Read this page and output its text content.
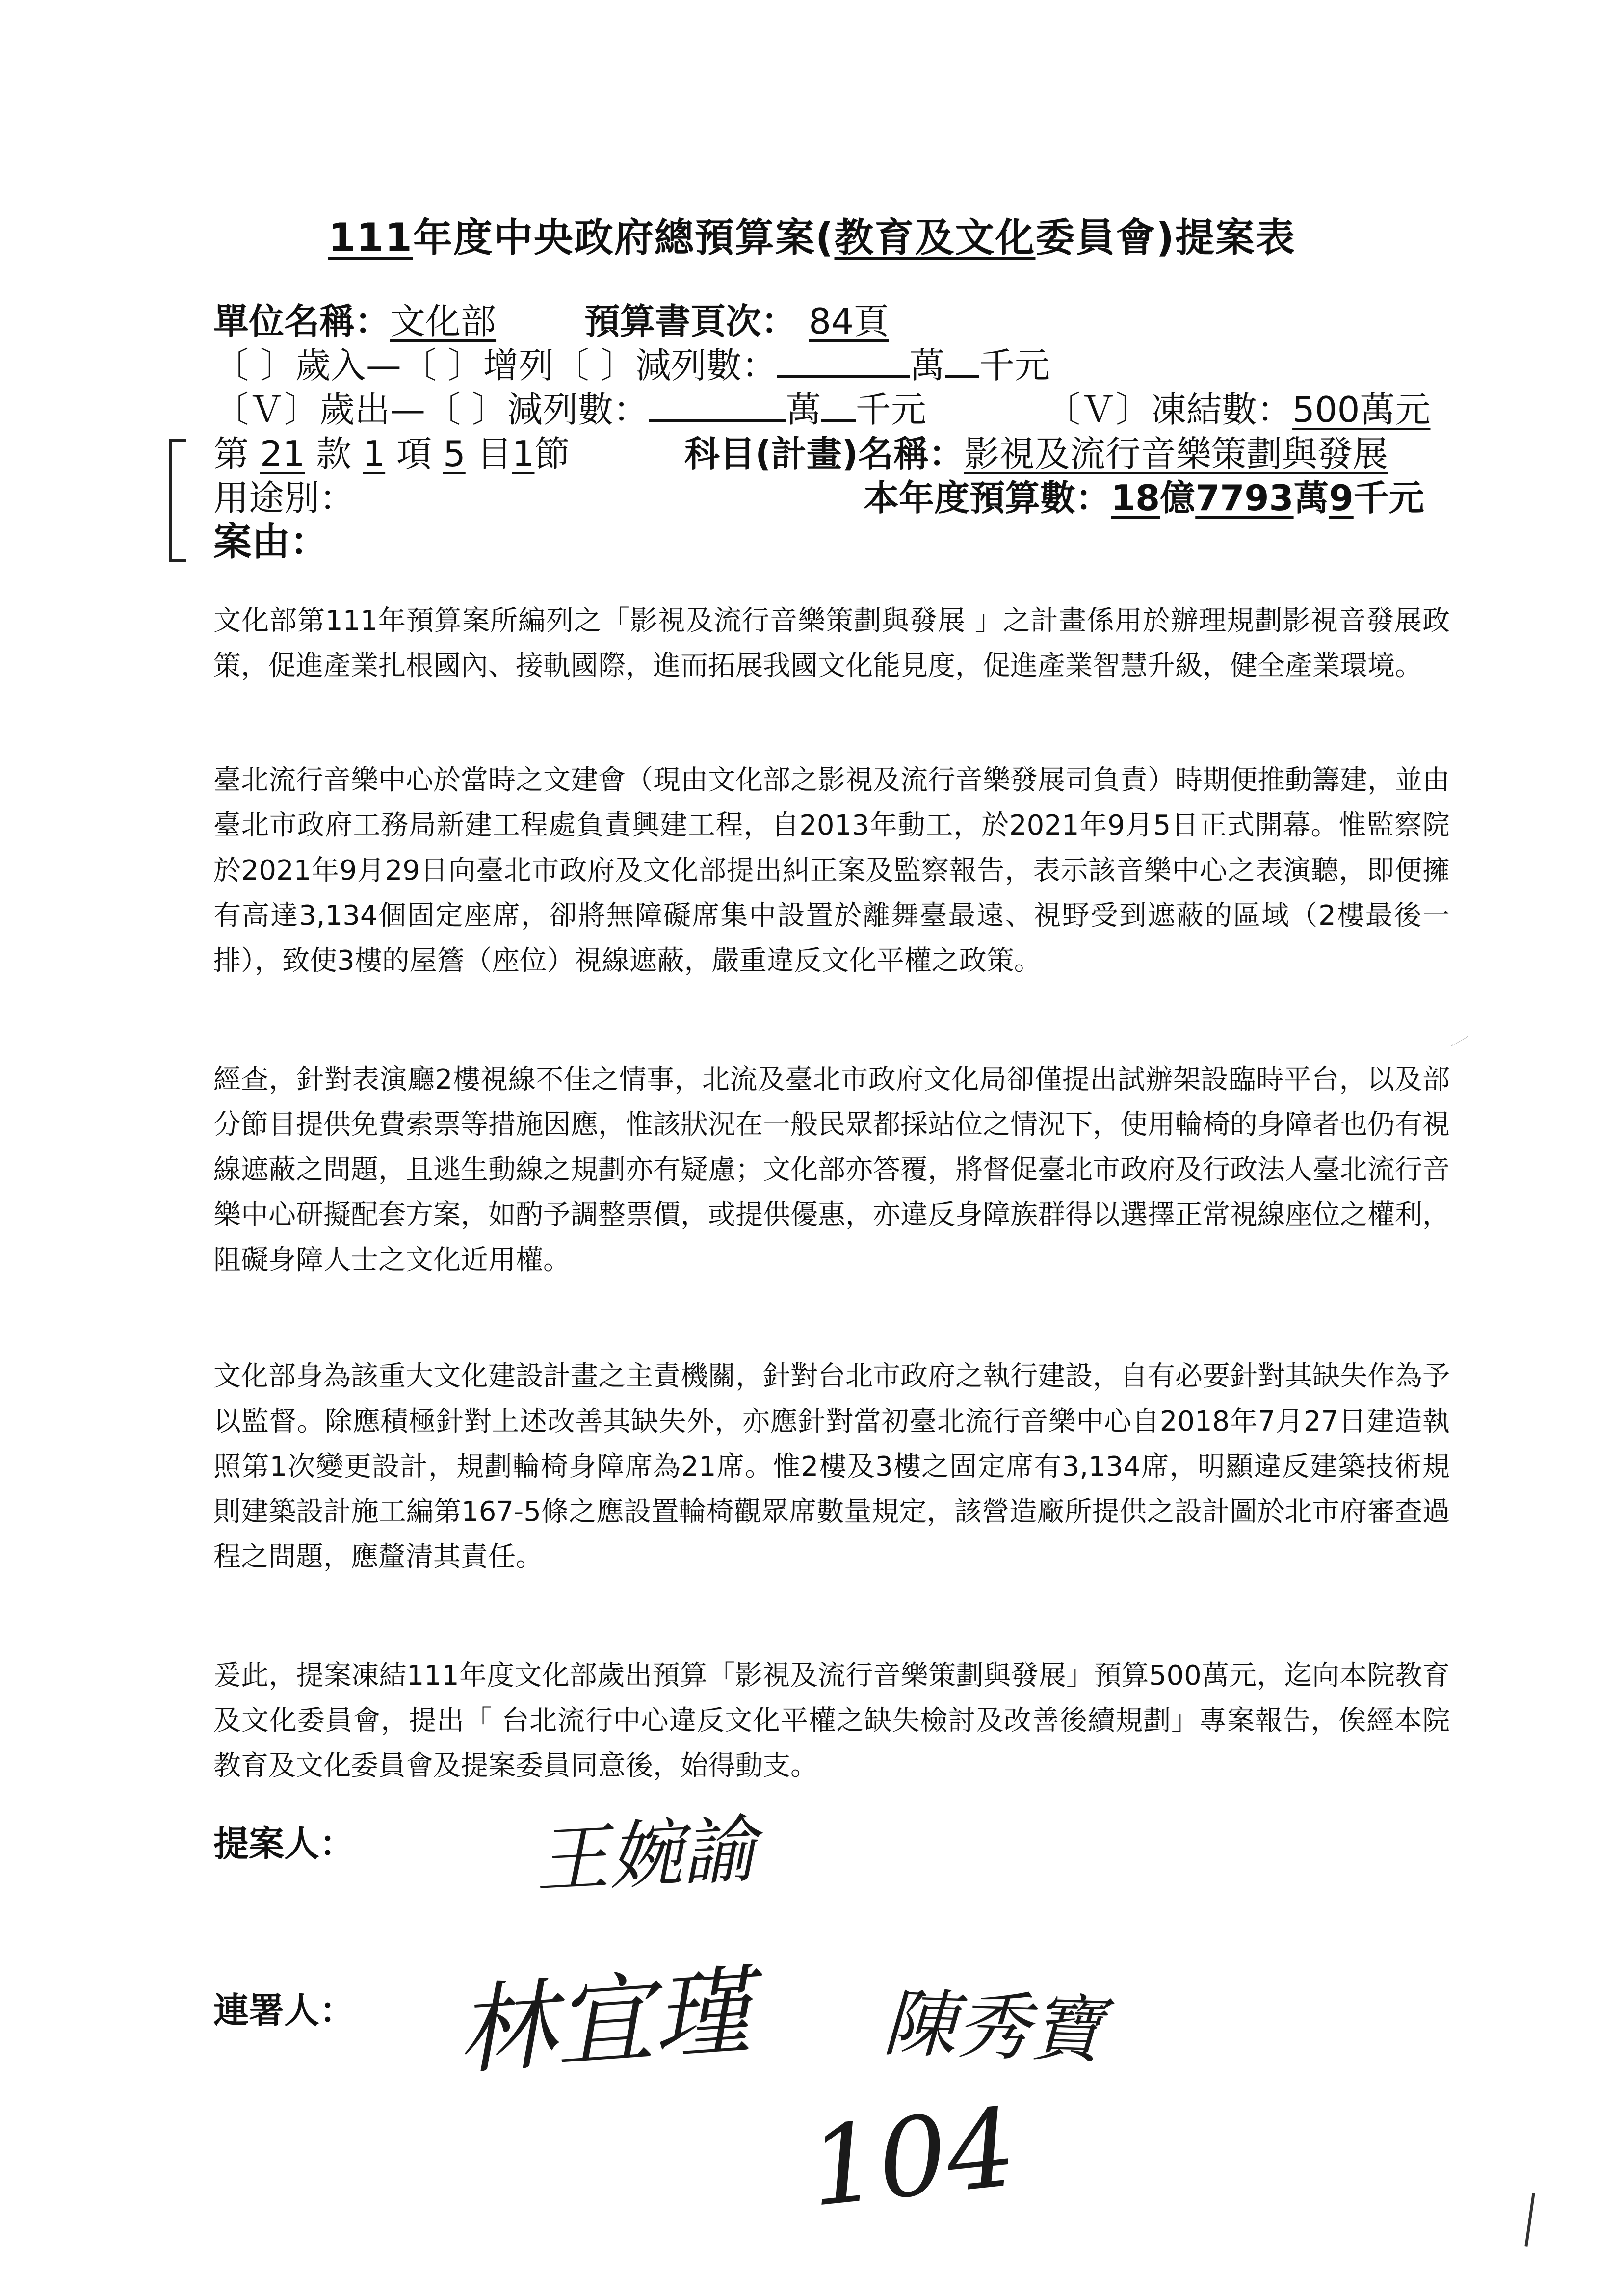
111年度中央政府總預算案(教育及文化委員會)提案表
單位名稱：文化部	預算書頁次： 84頁
〔 〕歲入—〔 〕增列〔 〕減列數：	萬 千元
〔Ｖ〕歲出—〔 〕減列數：	萬 千元	〔Ｖ〕凍結數：500萬元
第 21 款 1 項 5 目1節	科目(計畫)名稱：影視及流行音樂策劃與發展
用途別：	本年度預算數：18億7793萬9千元
案由：
文化部第111年預算案所編列之「影視及流行音樂策劃與發展 」之計畫係用於辦理規劃影視音發展政策，促進產業扎根國內、接軌國際，進而拓展我國文化能見度，促進產業智慧升級，健全產業環境。
臺北流行音樂中心於當時之文建會（現由文化部之影視及流行音樂發展司負責）時期便推動籌建，並由臺北市政府工務局新建工程處負責興建工程，自2013年動工，於2021年9月5日正式開幕。惟監察院於2021年9月29日向臺北市政府及文化部提出糾正案及監察報告，表示該音樂中心之表演聽，即便擁有高達3,134個固定座席，卻將無障礙席集中設置於離舞臺最遠、視野受到遮蔽的區域（2樓最後一排），致使3樓的屋簷（座位）視線遮蔽，嚴重違反文化平權之政策。
經查，針對表演廳2樓視線不佳之情事，北流及臺北市政府文化局卻僅提出試辦架設臨時平台，以及部分節目提供免費索票等措施因應，惟該狀況在一般民眾都採站位之情況下，使用輪椅的身障者也仍有視線遮蔽之問題，且逃生動線之規劃亦有疑慮；文化部亦答覆，將督促臺北市政府及行政法人臺北流行音樂中心研擬配套方案，如酌予調整票價，或提供優惠，亦違反身障族群得以選擇正常視線座位之權利，阻礙身障人士之文化近用權。
文化部身為該重大文化建設計畫之主責機關，針對台北市政府之執行建設，自有必要針對其缺失作為予以監督。除應積極針對上述改善其缺失外，亦應針對當初臺北流行音樂中心自2018年7月27日建造執照第1次變更設計，規劃輪椅身障席為21席。惟2樓及3樓之固定席有3,134席，明顯違反建築技術規則建築設計施工編第167-5條之應設置輪椅觀眾席數量規定，該營造廠所提供之設計圖於北市府審查過程之問題，應釐清其責任。
爰此，提案凍結111年度文化部歲出預算「影視及流行音樂策劃與發展」預算500萬元，迄向本院教育及文化委員會，提出「 台北流行中心違反文化平權之缺失檢討及改善後續規劃」專案報告，俟經本院教育及文化委員會及提案委員同意後，始得動支。
提案人： 王婉諭
連署人： 林宜瑾 陳秀寶
104
